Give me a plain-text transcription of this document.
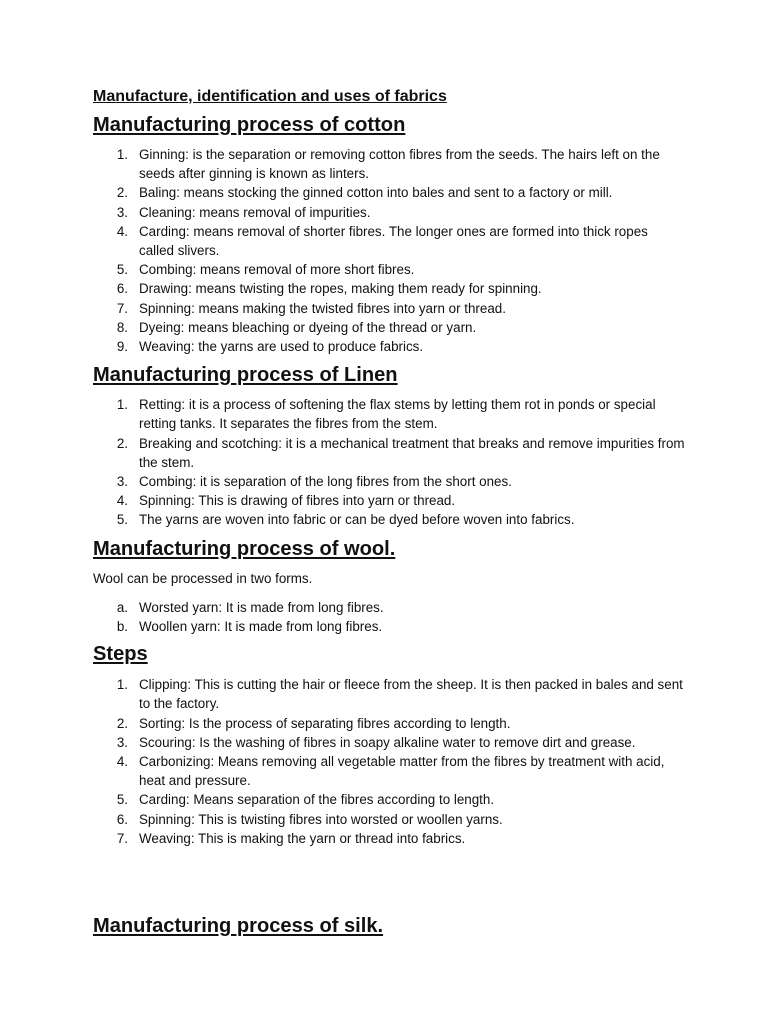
Manufacture, identification and uses of fabrics
Manufacturing process of cotton
1. Ginning: is the separation or removing cotton fibres from the seeds. The hairs left on the seeds after ginning is known as linters.
2. Baling: means stocking the ginned cotton into bales and sent to a factory or mill.
3. Cleaning: means removal of impurities.
4. Carding: means removal of shorter fibres. The longer ones are formed into thick ropes called slivers.
5. Combing: means removal of more short fibres.
6. Drawing: means twisting the ropes, making them ready for spinning.
7. Spinning: means making the twisted fibres into yarn or thread.
8. Dyeing: means bleaching or dyeing of the thread or yarn.
9. Weaving: the yarns are used to produce fabrics.
Manufacturing process of Linen
1. Retting: it is a process of softening the flax stems by letting them rot in ponds or special retting tanks. It separates the fibres from the stem.
2. Breaking and scotching: it is a mechanical treatment that breaks and remove impurities from the stem.
3. Combing: it is separation of the long fibres from the short ones.
4. Spinning: This is drawing of fibres into yarn or thread.
5. The yarns are woven into fabric or can be dyed before woven into fabrics.
Manufacturing process of wool.

Wool can be processed in two forms.

a. Worsted yarn: It is made from long fibres.
b. Woollen yarn: It is made from long fibres.
Steps
1. Clipping: This is cutting the hair or fleece from the sheep. It is then packed in bales and sent to the factory.
2. Sorting: Is the process of separating fibres according to length.
3. Scouring: Is the washing of fibres in soapy alkaline water to remove dirt and grease.
4. Carbonizing: Means removing all vegetable matter from the fibres by treatment with acid, heat and pressure.
5. Carding: Means separation of the fibres according to length.
6. Spinning: This is twisting fibres into worsted or woollen yarns.
7. Weaving: This is making the yarn or thread into fabrics.
Manufacturing process of silk.
